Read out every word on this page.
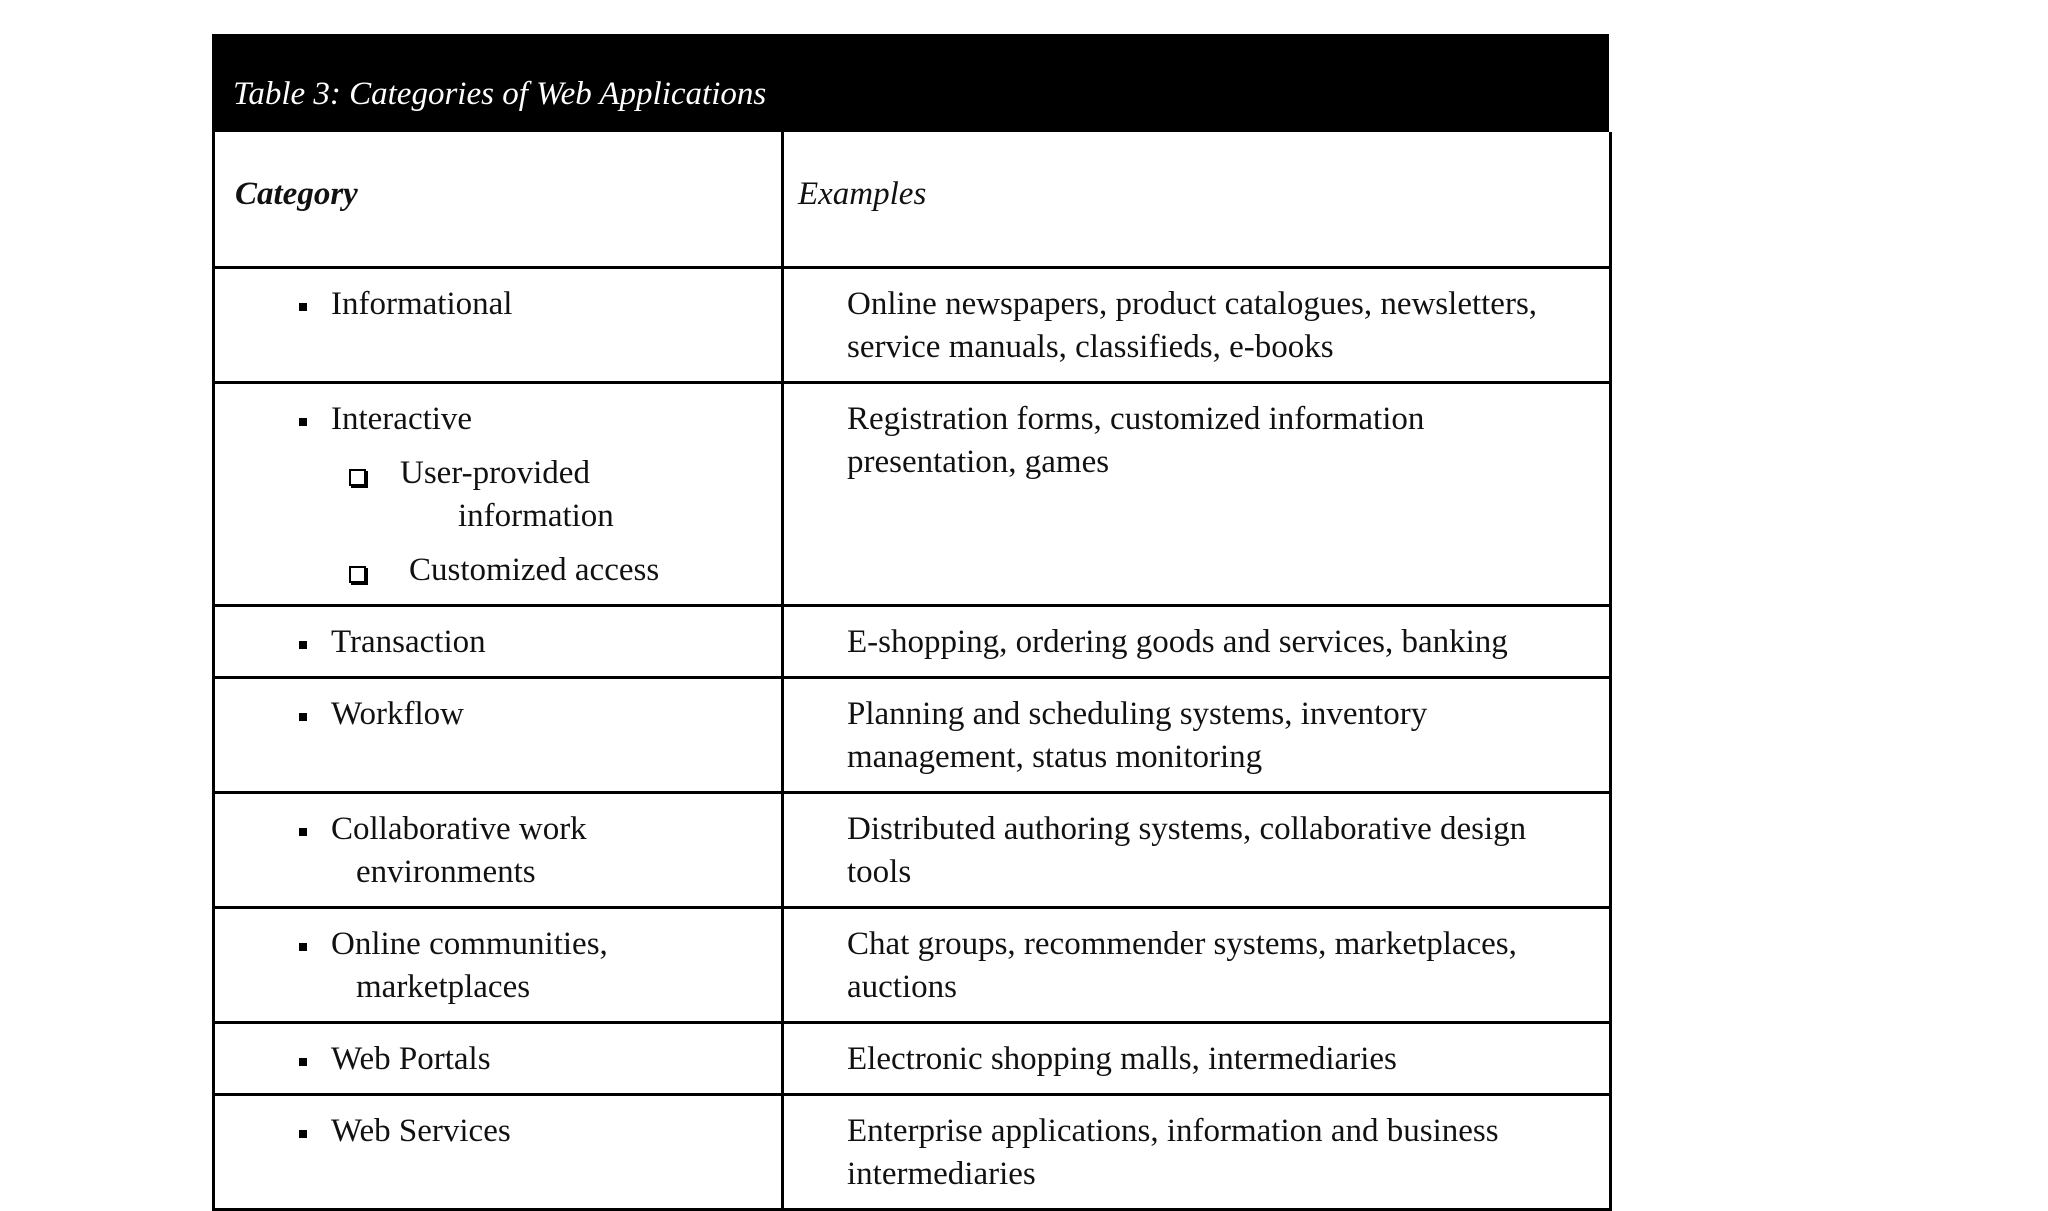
Table 3: Categories of Web Applications
Category	Examples

Informational	Online newspapers, product catalogues, newsletters, service manuals, classifieds, e-books

Interactive
User-provided
information
Customized access	Registration forms, customized information presentation, games

Transaction	E-shopping, ordering goods and services, banking

Workflow	Planning and scheduling systems, inventory management, status monitoring

Collaborative work
environments	Distributed authoring systems, collaborative design tools

Online communities,
marketplaces	Chat groups, recommender systems, marketplaces, auctions

Web Portals	Electronic shopping malls, intermediaries

Web Services	Enterprise applications, information and business intermediaries
